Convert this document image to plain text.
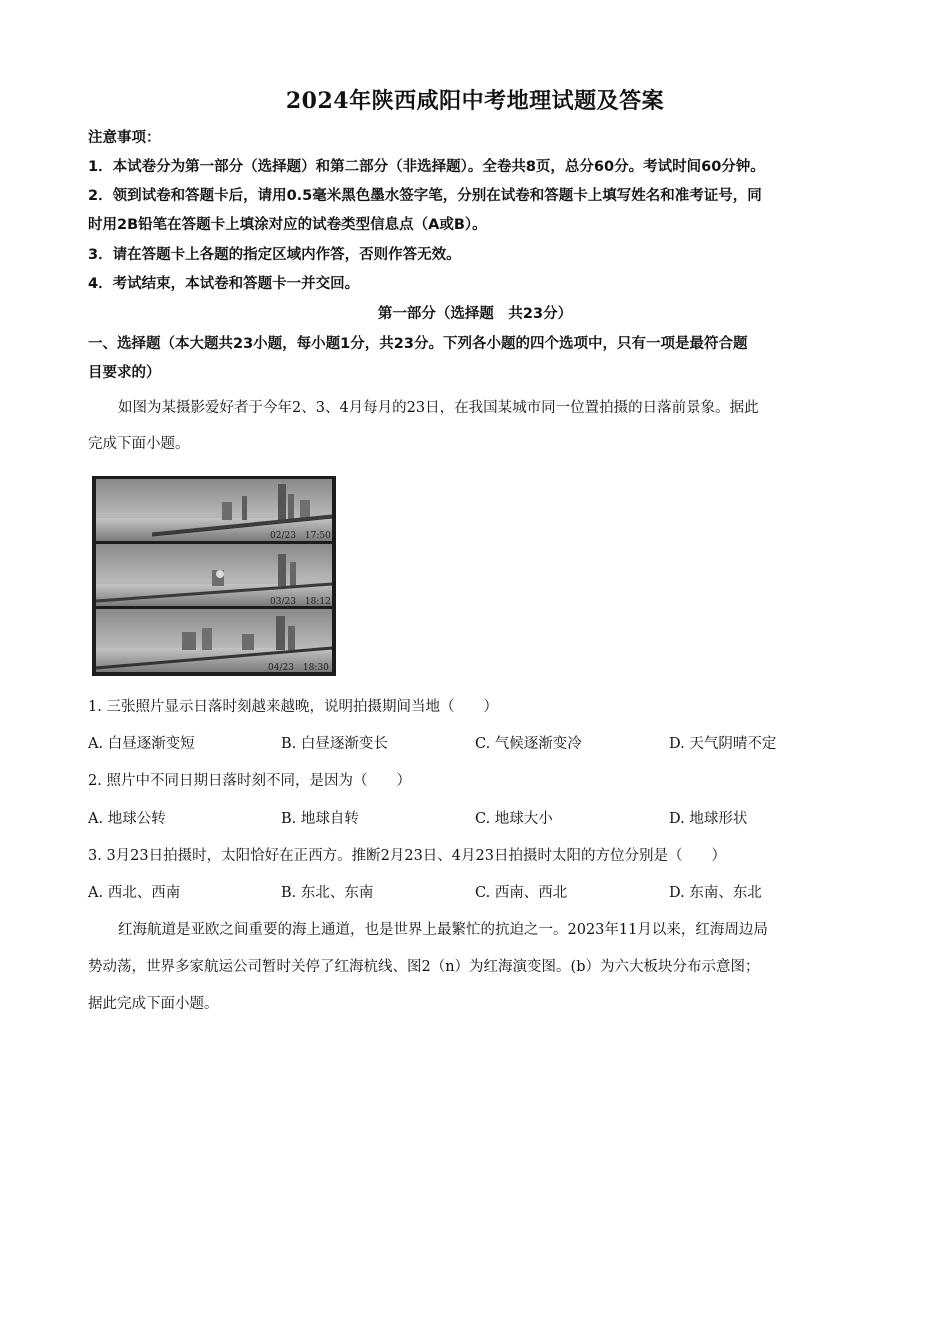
2024年陕西咸阳中考地理试题及答案
注意事项：
1．本试卷分为第一部分（选择题）和第二部分（非选择题）。全卷共8页，总分60分。考试时间60分钟。
2．领到试卷和答题卡后，请用0.5毫米黑色墨水签字笔，分别在试卷和答题卡上填写姓名和准考证号，同
时用2B铅笔在答题卡上填涂对应的试卷类型信息点（A或B）。
3．请在答题卡上各题的指定区域内作答，否则作答无效。
4．考试结束，本试卷和答题卡一并交回。
第一部分（选择题　共23分）
一、选择题（本大题共23小题，每小题1分，共23分。下列各小题的四个选项中，只有一项是最符合题
目要求的）
如图为某摄影爱好者于今年2、3、4月每月的23日，在我国某城市同一位置拍摄的日落前景象。据此
完成下面小题。
02/23　17:50
03/23　18:12
04/23　18:30
1. 三张照片显示日落时刻越来越晚，说明拍摄期间当地（　　）
A. 白昼逐渐变短	B. 白昼逐渐变长	C. 气候逐渐变冷	D. 天气阴晴不定
2. 照片中不同日期日落时刻不同，是因为（　　）
A. 地球公转	B. 地球自转	C. 地球大小	D. 地球形状
3. 3月23日拍摄时，太阳恰好在正西方。推断2月23日、4月23日拍摄时太阳的方位分别是（　　）
A. 西北、西南	B. 东北、东南	C. 西南、西北	D. 东南、东北
红海航道是亚欧之间重要的海上通道，也是世界上最繁忙的抗迫之一。2023年11月以来，红海周边局
势动荡，世界多家航运公司暂时关停了红海杭线、图2（n）为红海演变图。(b）为六大板块分布示意图；
据此完成下面小题。
